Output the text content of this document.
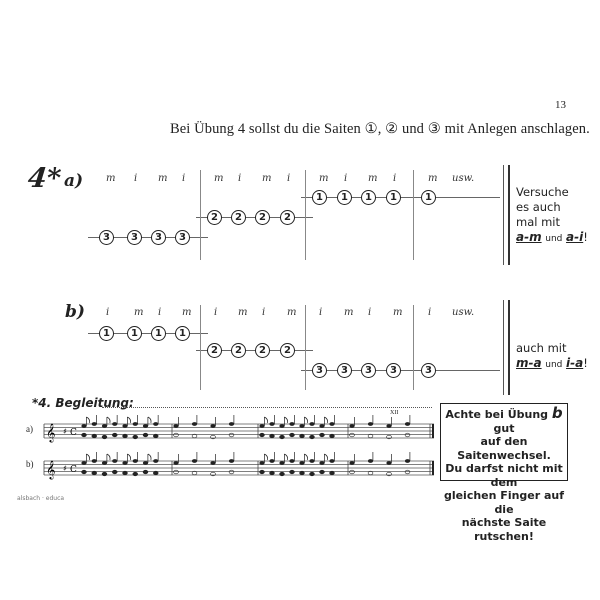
13
Bei Übung 4 sollst du die Saiten ①, ② und ③ mit Anlegen anschlagen.
4* a)
b)
m i m i	m i m i	m i m i	m usw.
3	3	3	3
2	2	2	2
1	1	1	1	1
i m i m i m i m i m i m	i usw.
1	1	1	1
2	2	2	2
3	3	3	3	3
Versuche
es auch
mal mit
a-m und a-i!
auch mit
m-a und i-a!
*4. Begleitung:
a)
b)
XII
𝄞 ♯ C
𝄞 ♯ C
Achte bei Übung b gut
auf den Saitenwechsel.
Du darfst nicht mit dem
gleichen Finger auf die
nächste Saite rutschen!
alsbach · educa
